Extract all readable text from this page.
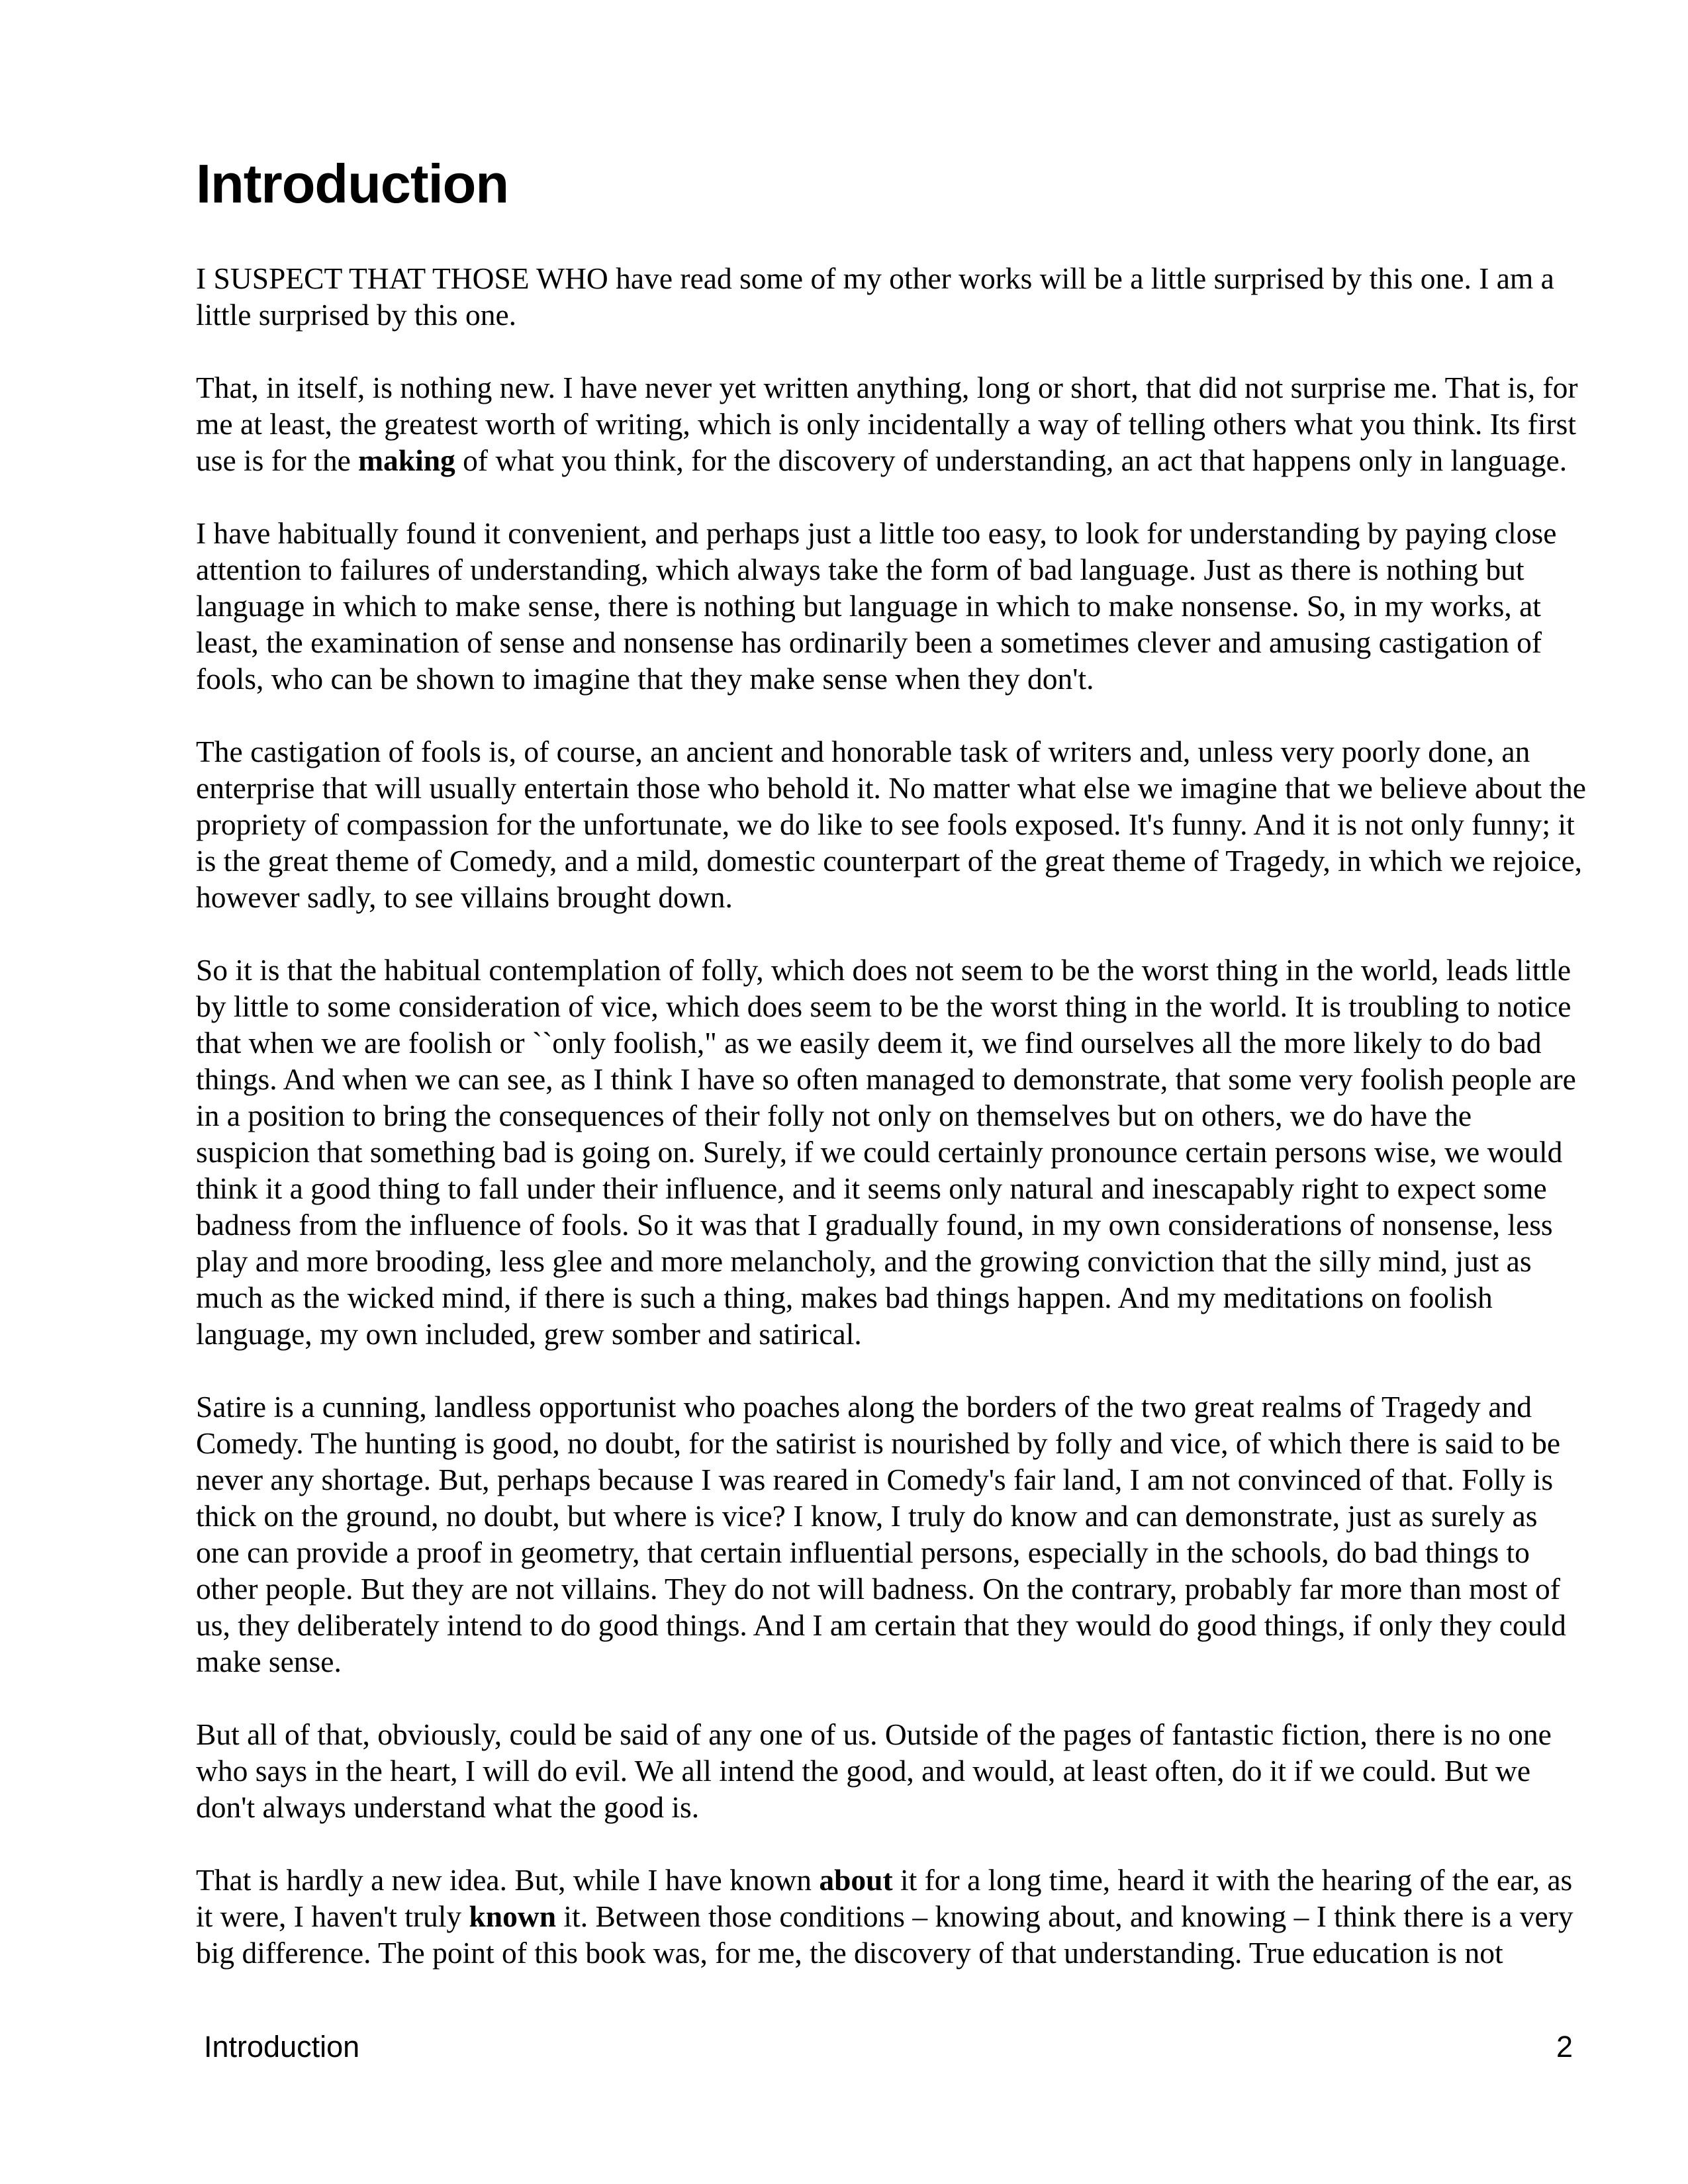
Introduction

I SUSPECT THAT THOSE WHO have read some of my other works will be a little surprised by this one. I am a little surprised by this one.

That, in itself, is nothing new. I have never yet written anything, long or short, that did not surprise me. That is, for me at least, the greatest worth of writing, which is only incidentally a way of telling others what you think. Its first use is for the making of what you think, for the discovery of understanding, an act that happens only in language.

I have habitually found it convenient, and perhaps just a little too easy, to look for understanding by paying close attention to failures of understanding, which always take the form of bad language. Just as there is nothing but language in which to make sense, there is nothing but language in which to make nonsense. So, in my works, at least, the examination of sense and nonsense has ordinarily been a sometimes clever and amusing castigation of fools, who can be shown to imagine that they make sense when they don't.

The castigation of fools is, of course, an ancient and honorable task of writers and, unless very poorly done, an enterprise that will usually entertain those who behold it. No matter what else we imagine that we believe about the propriety of compassion for the unfortunate, we do like to see fools exposed. It's funny. And it is not only funny; it is the great theme of Comedy, and a mild, domestic counterpart of the great theme of Tragedy, in which we rejoice, however sadly, to see villains brought down.

So it is that the habitual contemplation of folly, which does not seem to be the worst thing in the world, leads little by little to some consideration of vice, which does seem to be the worst thing in the world. It is troubling to notice that when we are foolish or ``only foolish," as we easily deem it, we find ourselves all the more likely to do bad things. And when we can see, as I think I have so often managed to demonstrate, that some very foolish people are in a position to bring the consequences of their folly not only on themselves but on others, we do have the suspicion that something bad is going on. Surely, if we could certainly pronounce certain persons wise, we would think it a good thing to fall under their influence, and it seems only natural and inescapably right to expect some badness from the influence of fools. So it was that I gradually found, in my own considerations of nonsense, less play and more brooding, less glee and more melancholy, and the growing conviction that the silly mind, just as much as the wicked mind, if there is such a thing, makes bad things happen. And my meditations on foolish language, my own included, grew somber and satirical.

Satire is a cunning, landless opportunist who poaches along the borders of the two great realms of Tragedy and Comedy. The hunting is good, no doubt, for the satirist is nourished by folly and vice, of which there is said to be never any shortage. But, perhaps because I was reared in Comedy's fair land, I am not convinced of that. Folly is thick on the ground, no doubt, but where is vice? I know, I truly do know and can demonstrate, just as surely as one can provide a proof in geometry, that certain influential persons, especially in the schools, do bad things to other people. But they are not villains. They do not will badness. On the contrary, probably far more than most of us, they deliberately intend to do good things. And I am certain that they would do good things, if only they could make sense.

But all of that, obviously, could be said of any one of us. Outside of the pages of fantastic fiction, there is no one who says in the heart, I will do evil. We all intend the good, and would, at least often, do it if we could. But we don't always understand what the good is.

That is hardly a new idea. But, while I have known about it for a long time, heard it with the hearing of the ear, as it were, I haven't truly known it. Between those conditions – knowing about, and knowing – I think there is a very big difference. The point of this book was, for me, the discovery of that understanding. True education is not

Introduction	2
